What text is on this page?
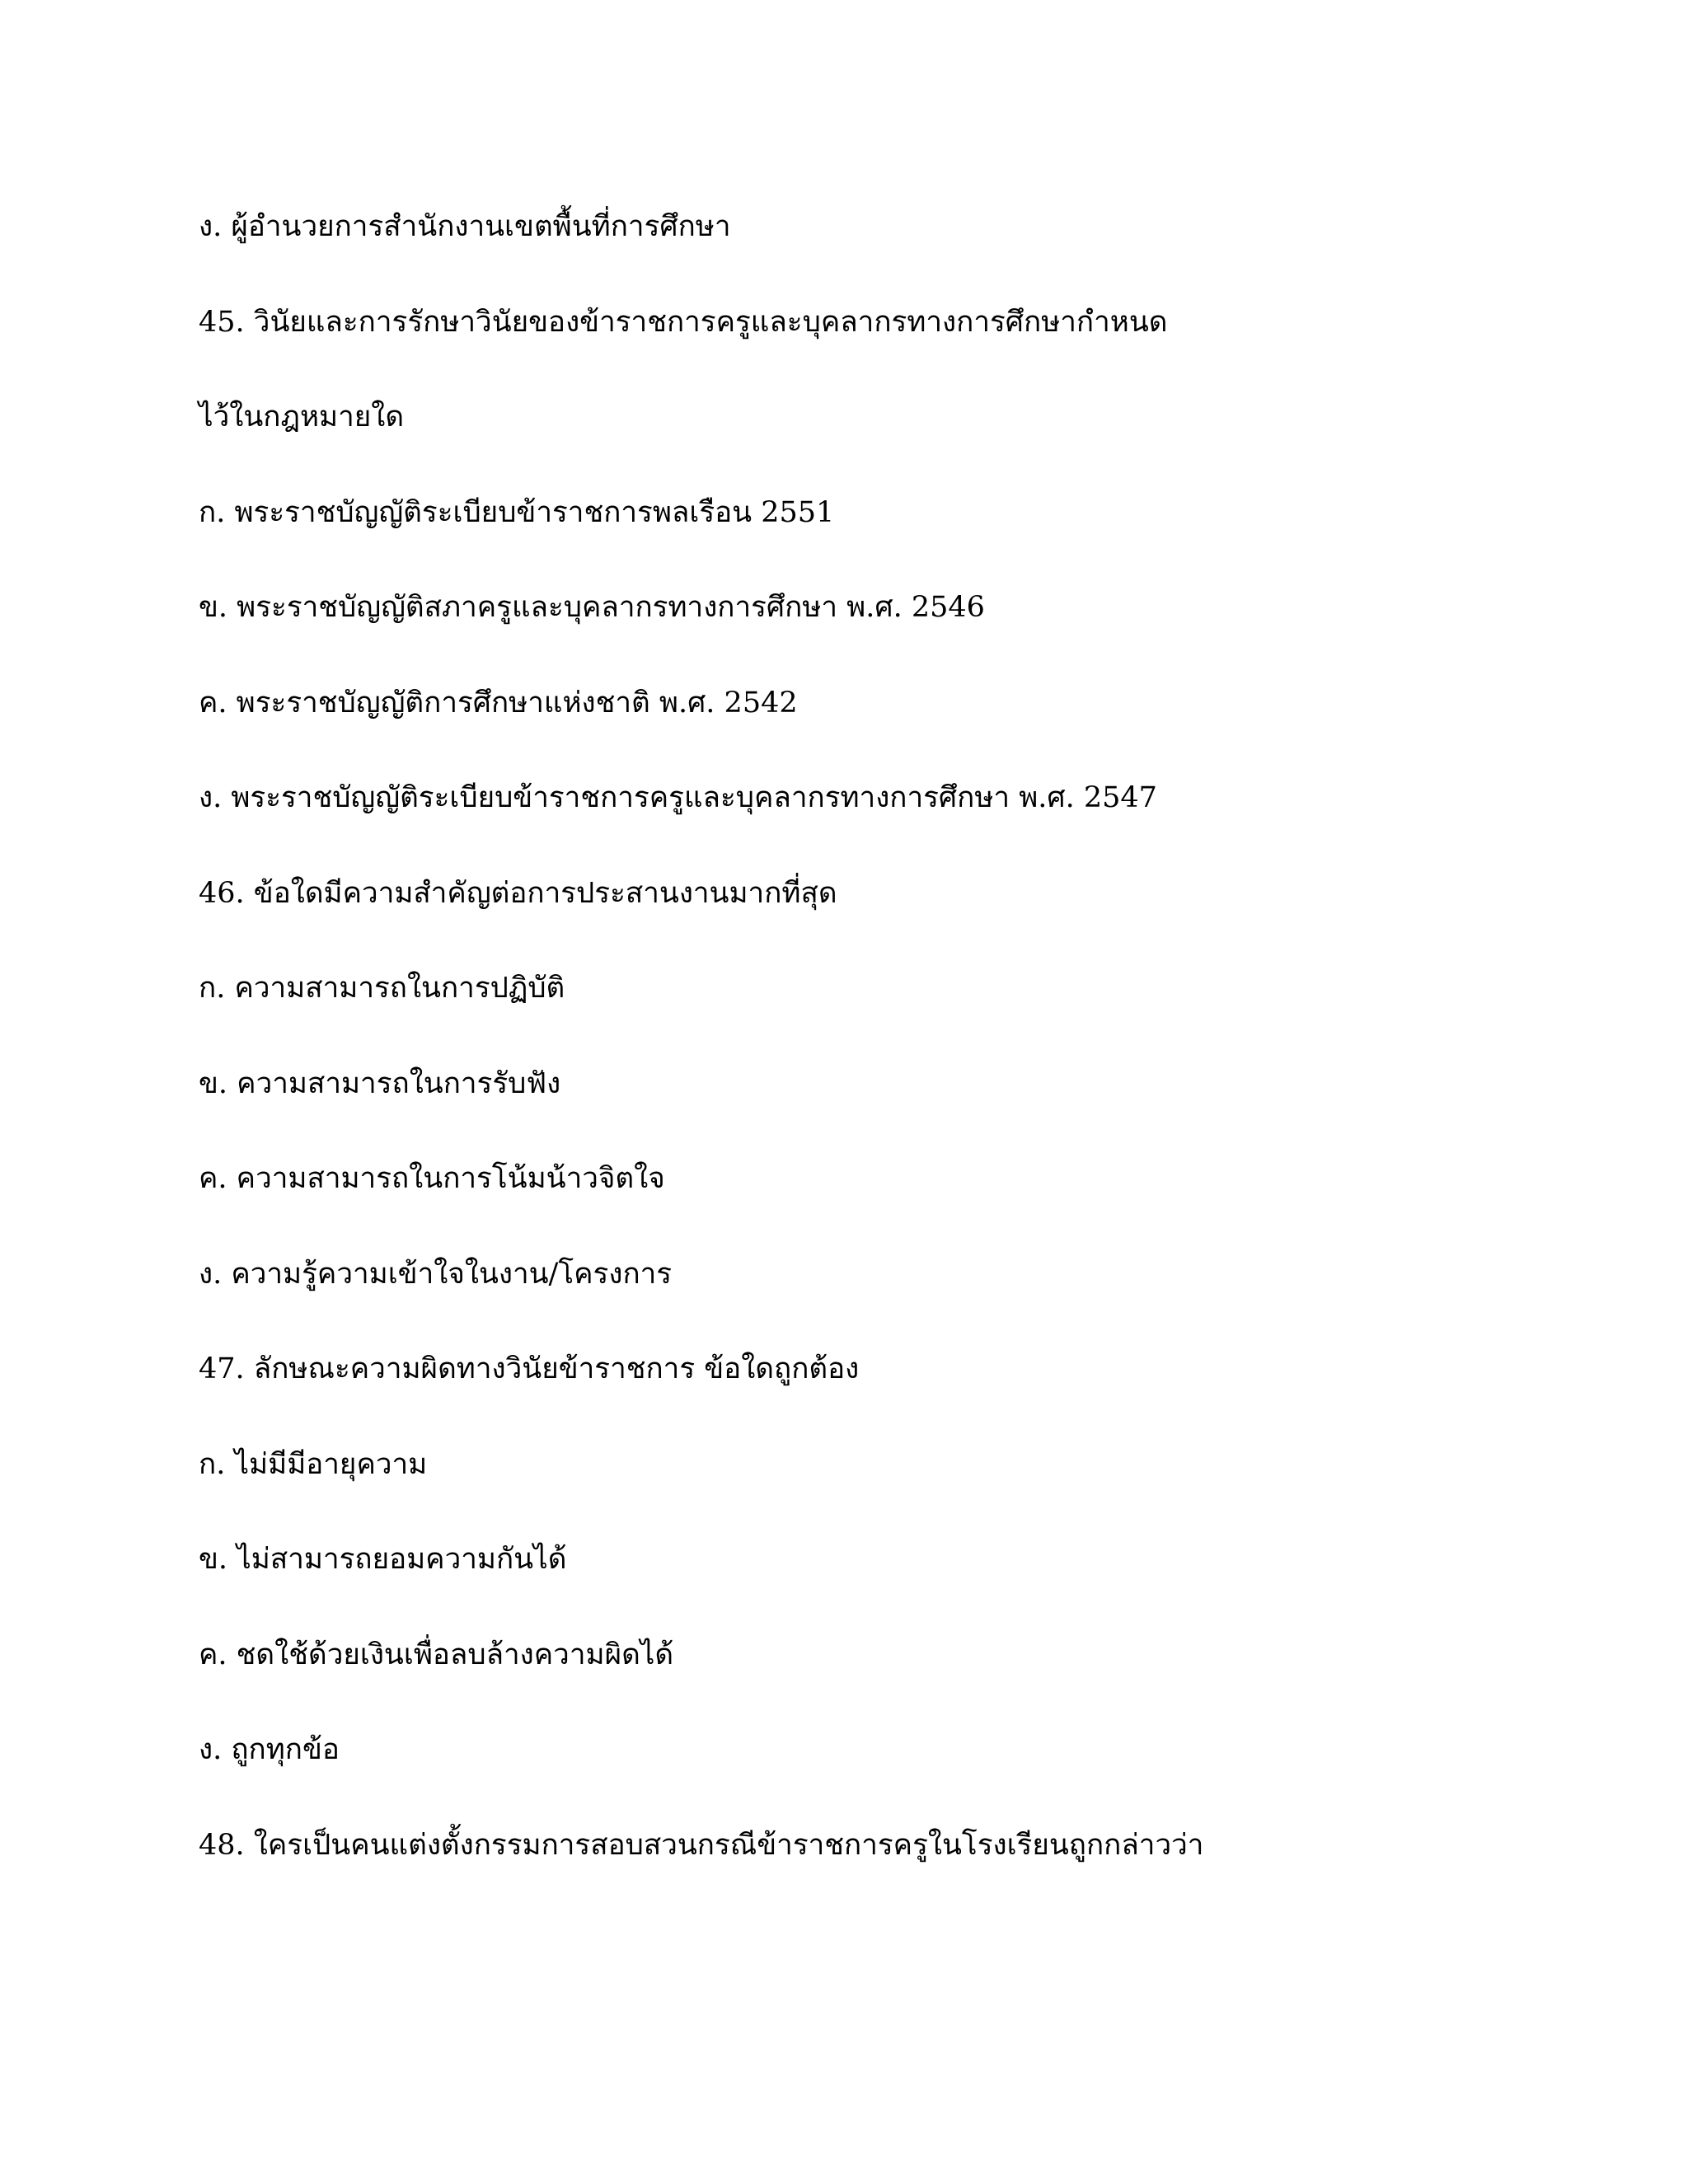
ง. ผู้อำนวยการสำนักงานเขตพื้นที่การศึกษา

45. วินัยและการรักษาวินัยของข้าราชการครูและบุคลากรทางการศึกษากำหนด

ไว้ในกฎหมายใด

ก. พระราชบัญญัติระเบียบข้าราชการพลเรือน 2551

ข. พระราชบัญญัติสภาครูและบุคลากรทางการศึกษา พ.ศ. 2546

ค. พระราชบัญญัติการศึกษาแห่งชาติ พ.ศ. 2542

ง. พระราชบัญญัติระเบียบข้าราชการครูและบุคลากรทางการศึกษา พ.ศ. 2547

46. ข้อใดมีความสำคัญต่อการประสานงานมากที่สุด

ก. ความสามารถในการปฏิบัติ

ข. ความสามารถในการรับฟัง

ค. ความสามารถในการโน้มน้าวจิตใจ

ง. ความรู้ความเข้าใจในงาน/โครงการ

47. ลักษณะความผิดทางวินัยข้าราชการ ข้อใดถูกต้อง

ก. ไม่มีมีอายุความ

ข. ไม่สามารถยอมความกันได้

ค. ชดใช้ด้วยเงินเพื่อลบล้างความผิดได้

ง. ถูกทุกข้อ

48. ใครเป็นคนแต่งตั้งกรรมการสอบสวนกรณีข้าราชการครูในโรงเรียนถูกกล่าวว่า
